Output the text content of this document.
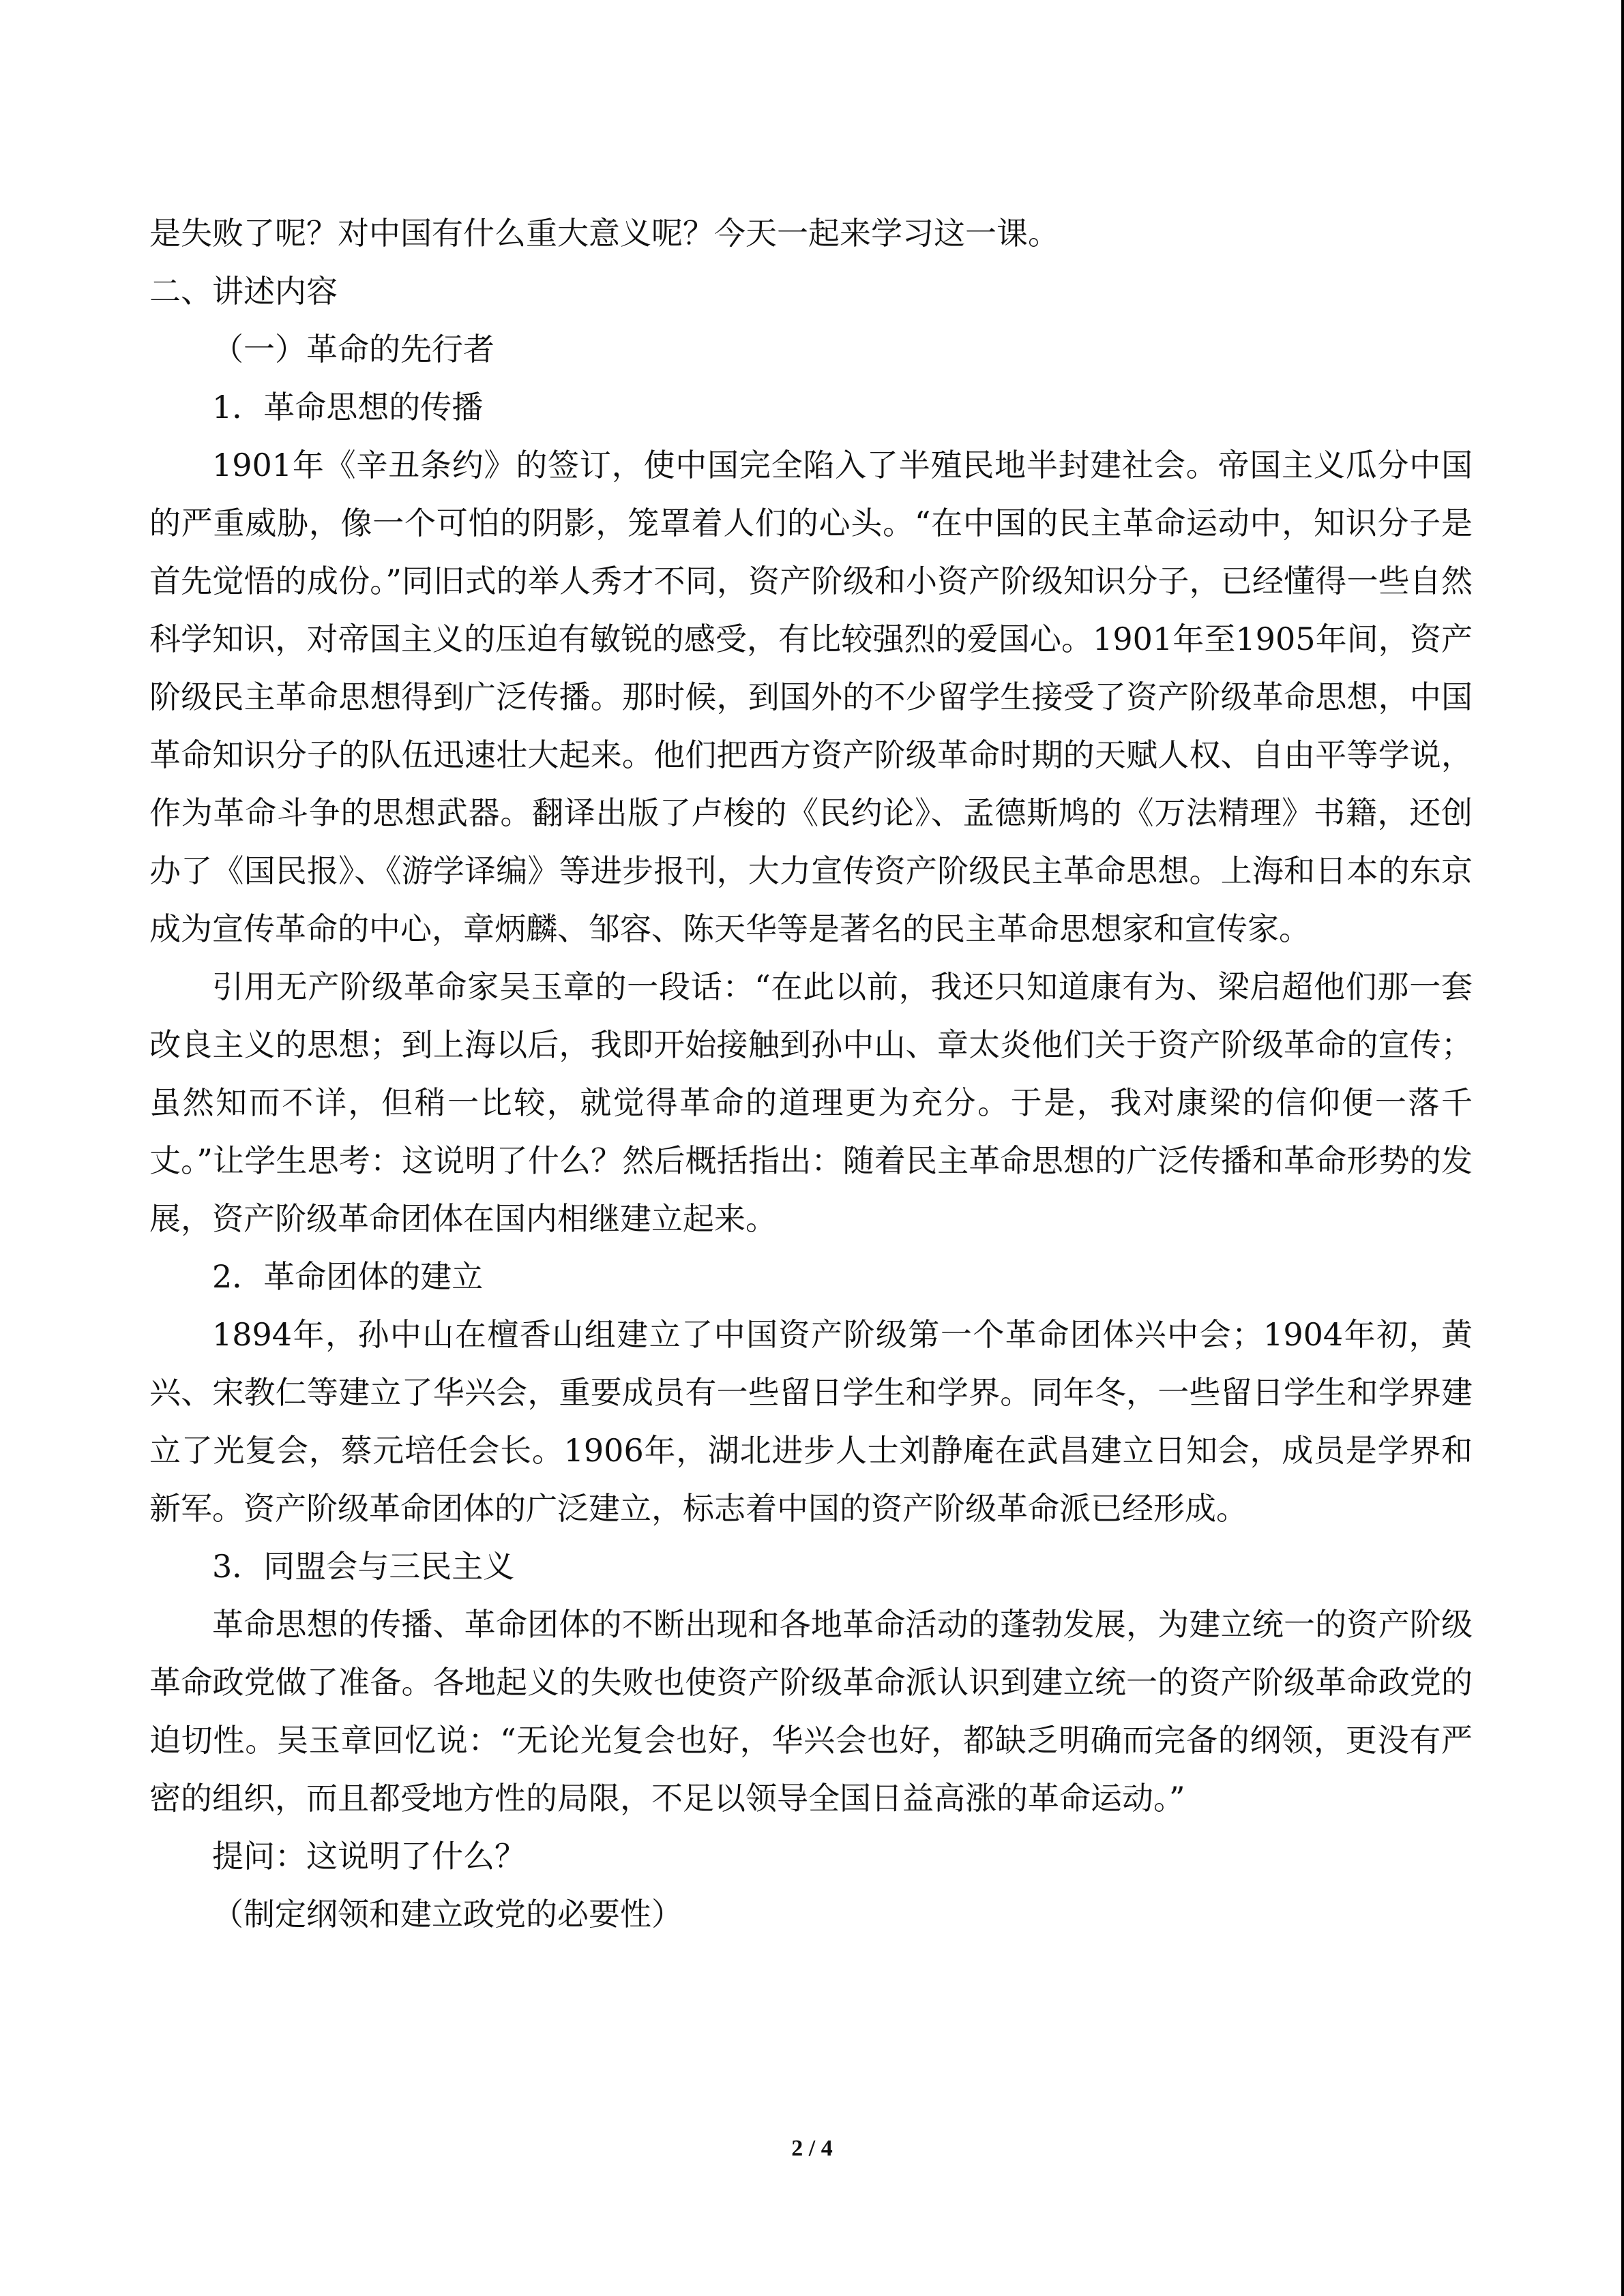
是失败了呢？对中国有什么重大意义呢？今天一起来学习这一课。

二、讲述内容

（一）革命的先行者

1．革命思想的传播

1901年《辛丑条约》的签订，使中国完全陷入了半殖民地半封建社会。帝国主义瓜分中国的严重威胁，像一个可怕的阴影，笼罩着人们的心头。“在中国的民主革命运动中，知识分子是首先觉悟的成份。”同旧式的举人秀才不同，资产阶级和小资产阶级知识分子，已经懂得一些自然科学知识，对帝国主义的压迫有敏锐的感受，有比较强烈的爱国心。1901年至1905年间，资产阶级民主革命思想得到广泛传播。那时候，到国外的不少留学生接受了资产阶级革命思想，中国革命知识分子的队伍迅速壮大起来。他们把西方资产阶级革命时期的天赋人权、自由平等学说，作为革命斗争的思想武器。翻译出版了卢梭的《民约论》、孟德斯鸠的《万法精理》书籍，还创办了《国民报》、《游学译编》等进步报刊，大力宣传资产阶级民主革命思想。上海和日本的东京成为宣传革命的中心，章炳麟、邹容、陈天华等是著名的民主革命思想家和宣传家。

引用无产阶级革命家吴玉章的一段话：“在此以前，我还只知道康有为、梁启超他们那一套改良主义的思想；到上海以后，我即开始接触到孙中山、章太炎他们关于资产阶级革命的宣传；虽然知而不详，但稍一比较，就觉得革命的道理更为充分。于是，我对康梁的信仰便一落千丈。”让学生思考：这说明了什么？然后概括指出：随着民主革命思想的广泛传播和革命形势的发展，资产阶级革命团体在国内相继建立起来。

2．革命团体的建立

1894年，孙中山在檀香山组建立了中国资产阶级第一个革命团体兴中会；1904年初，黄兴、宋教仁等建立了华兴会，重要成员有一些留日学生和学界。同年冬，一些留日学生和学界建立了光复会，蔡元培任会长。1906年，湖北进步人士刘静庵在武昌建立日知会，成员是学界和新军。资产阶级革命团体的广泛建立，标志着中国的资产阶级革命派已经形成。

3．同盟会与三民主义

革命思想的传播、革命团体的不断出现和各地革命活动的蓬勃发展，为建立统一的资产阶级革命政党做了准备。各地起义的失败也使资产阶级革命派认识到建立统一的资产阶级革命政党的迫切性。吴玉章回忆说：“无论光复会也好，华兴会也好，都缺乏明确而完备的纲领，更没有严密的组织，而且都受地方性的局限，不足以领导全国日益高涨的革命运动。”

提问：这说明了什么？

（制定纲领和建立政党的必要性）

2 / 4
